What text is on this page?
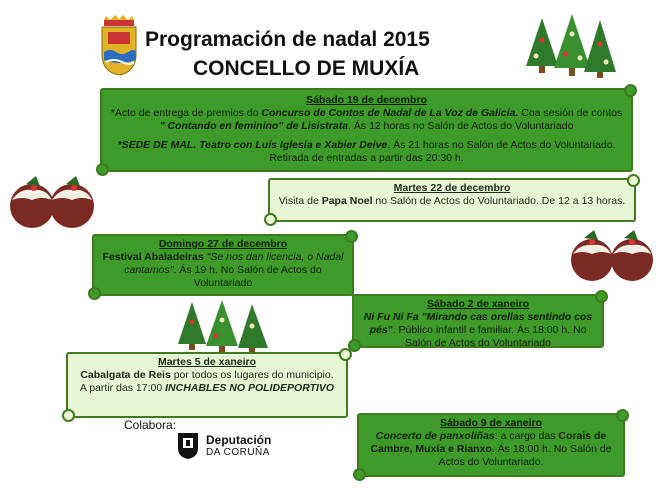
Programación de nadal 2015
CONCELLO DE MUXÍA
Sábado 19 de decembro

*Acto de entrega de premios do Concurso de Contos de Nadal de La Voz de Galicia. Coa sesión de contos " Contando en feminino" de Lisistrata. Ás 12 horas no Salón de Actos do Voluntariado

*SEDE DE MAL. Teatro con Luís Iglesia e Xabier Deive. Ás 21 horas no Salón de Actos do Voluntariado. Retirada de entradas a partir das 20:30 h.

Martes 22 de decembro

Visita de Papa Noel no Salón de Actos do Voluntariado. De 12 a 13 horas.

Domingo 27 de decembro

Festival Abaladeiras "Se nos dan licencia, o Nadal cantamos". Ás 19 h. No Salón de Actos do Voluntariado

Sábado 2 de xaneiro

Ni Fu Ni Fa "Mirando cas orellas sentindo cos pés". Público infantil e familiar. Ás 18:00 h. No Salón de Actos do Voluntariado

Martes 5 de xaneiro

Cabalgata de Reis por todos os lugares do municipio.

A partir das 17:00 INCHABLES NO POLIDEPORTIVO

Colabora:
Deputación
DA CORUÑA
Sábado 9 de xaneiro

Concerto de panxoliñas: a cargo das Corais de Cambre, Muxía e Rianxo. Ás 18:00 h. No Salón de Actos do Voluntariado.
